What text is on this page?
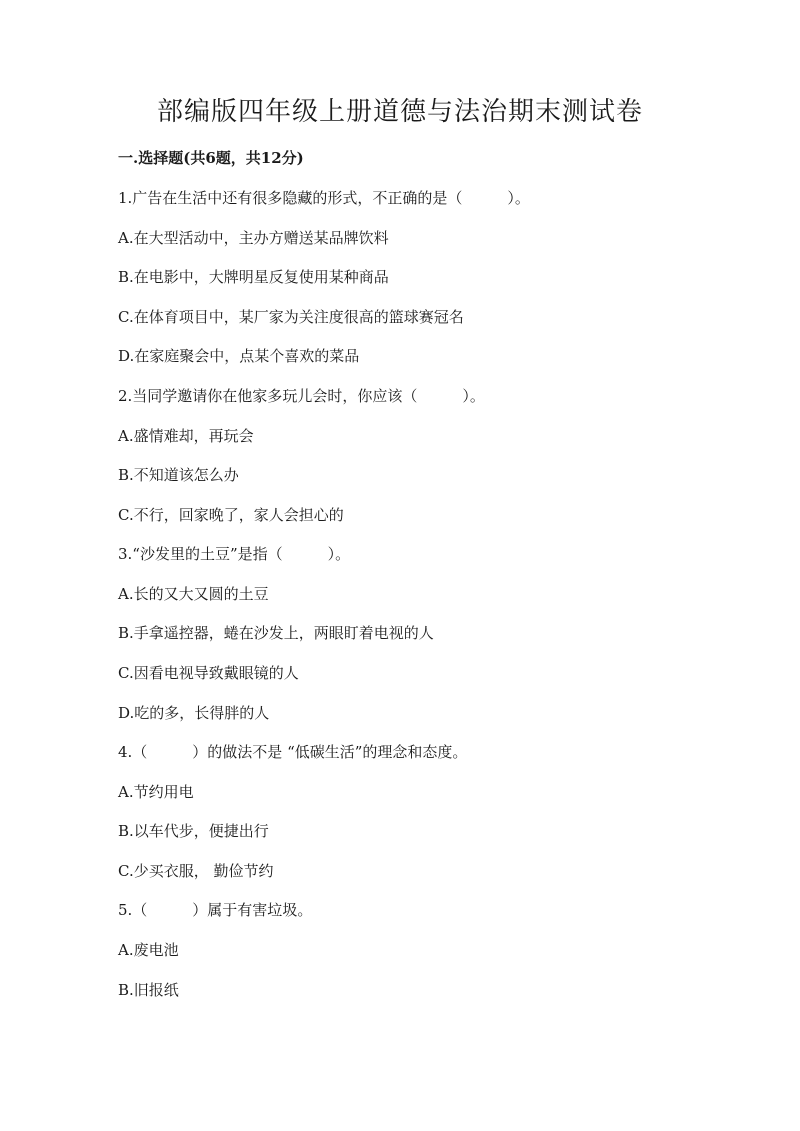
部编版四年级上册道德与法治期末测试卷
一.选择题(共6题，共12分)
1.广告在生活中还有很多隐藏的形式，不正确的是（　　　）。
A.在大型活动中，主办方赠送某品牌饮料
B.在电影中，大牌明星反复使用某种商品
C.在体育项目中，某厂家为关注度很高的篮球赛冠名
D.在家庭聚会中，点某个喜欢的菜品
2.当同学邀请你在他家多玩儿会时，你应该（　　　）。
A.盛情难却，再玩会
B.不知道该怎么办
C.不行，回家晚了，家人会担心的
3.“沙发里的土豆”是指（　　　）。
A.长的又大又圆的土豆
B.手拿遥控器，蜷在沙发上，两眼盯着电视的人
C.因看电视导致戴眼镜的人
D.吃的多，长得胖的人
4.（　　　）的做法不是 “低碳生活”的理念和态度。
A.节约用电
B.以车代步，便捷出行
C.少买衣服， 勤俭节约
5.（　　　）属于有害垃圾。
A.废电池
B.旧报纸
